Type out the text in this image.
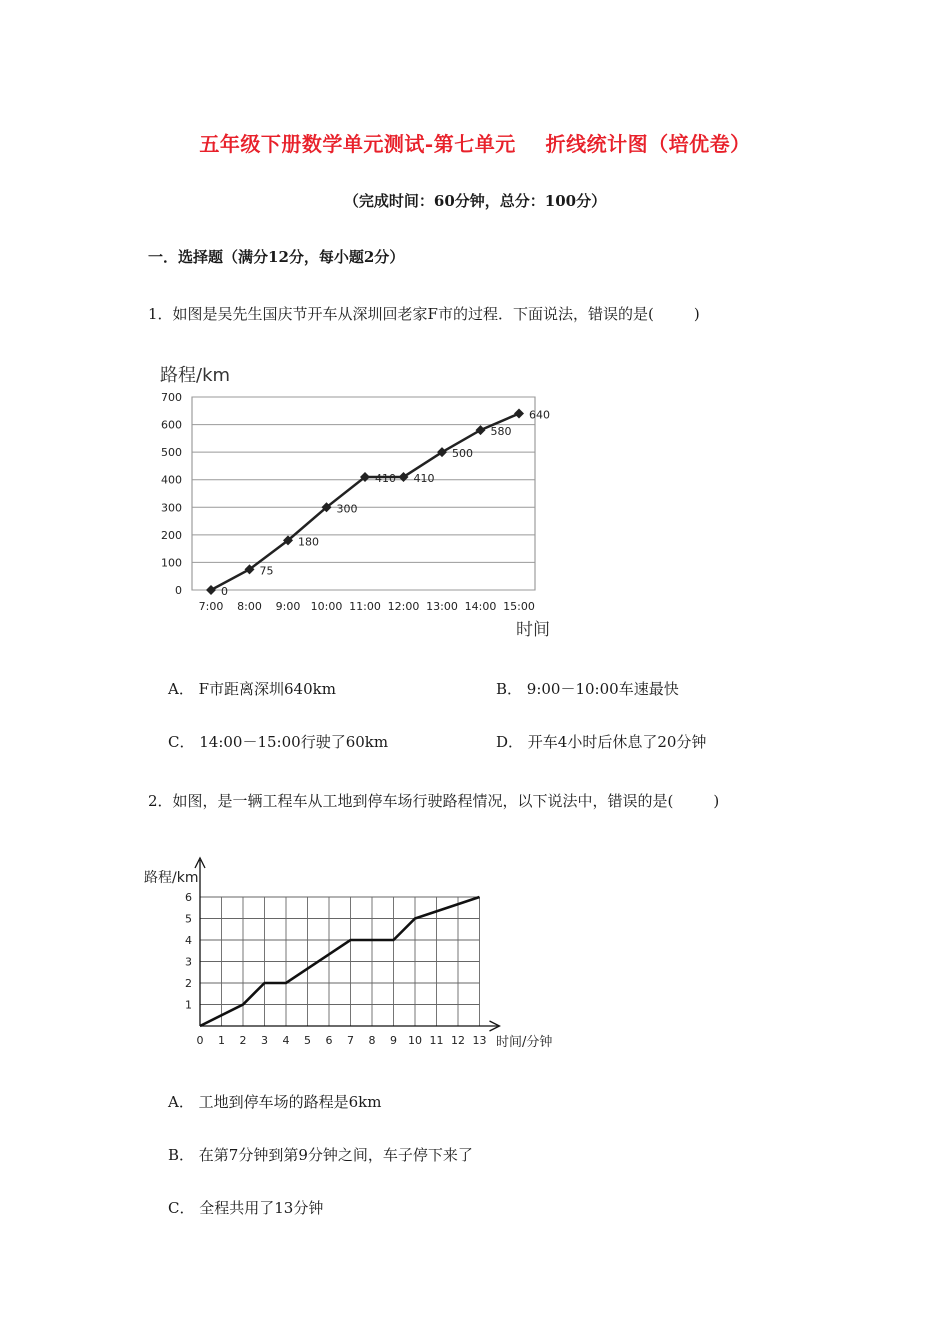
五年级下册数学单元测试-第七单元    折线统计图（培优卷）
（完成时间：60分钟，总分：100分）
一．选择题（满分12分，每小题2分）
1．如图是吴先生国庆节开车从深圳回老家F市的过程．下面说法，错误的是(	)
路程/km
时间
0
100
200
300
400
500
600
700
7:00 8:00 9:00 10:00 11:00 12:00 13:00 14:00 15:00
0
75
180
300
410 410
500
580
640
A． F市距离深圳640km	B． 9:00－10:00车速最快
C． 14:00－15:00行驶了60km	D． 开车4小时后休息了20分钟
2．如图，是一辆工程车从工地到停车场行驶路程情况，以下说法中，错误的是(	)
路程/km
时间/分钟
1
2
3
4
5
6
0 1 2 3 4 5 6 7 8 9 10 11 12 13
A． 工地到停车场的路程是6km
B． 在第7分钟到第9分钟之间，车子停下来了
C． 全程共用了13分钟
